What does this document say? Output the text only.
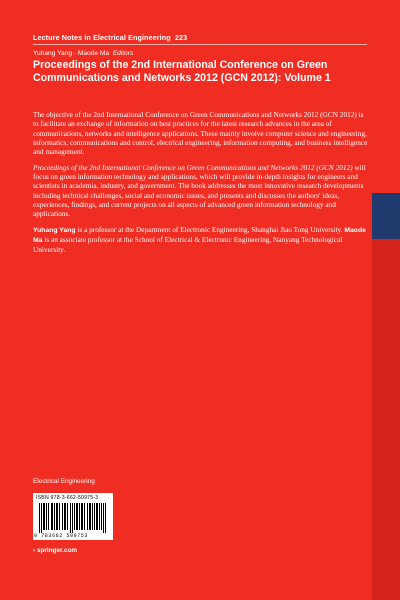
Lecture Notes in Electrical Engineering 223
Yuhang Yang · Maode Ma Editors
Proceedings of the 2nd International Conference on Green Communications and Networks 2012 (GCN 2012): Volume 1

The objective of the 2nd International Conference on Green Communications and Networks 2012 (GCN 2012) is to facilitate an exchange of information on best practices for the latest research advances in the area of communications, networks and intelligence applications. These mainly involve computer science and engineering, informatics, communications and control, electrical engineering, information computing, and business intelligence and management.

Proceedings of the 2nd International Conference on Green Communications and Networks 2012 (GCN 2012) will focus on green information technology and applications, which will provide in-depth insights for engineers and scientists in academia, industry, and government. The book addresses the most innovative research developments including technical challenges, social and economic issues, and presents and discusses the authors' ideas, experiences, findings, and current projects on all aspects of advanced green information technology and applications.

Yuhang Yang is a professor at the Department of Electronic Engineering, Shanghai Jiao Tong University. Maode Ma is an associate professor at the School of Electrical & Electronic Engineering, Nanyang Technological University.

Electrical Engineering
ISBN 978-3-662-50975-3
9 783662 509753
› springer.com
